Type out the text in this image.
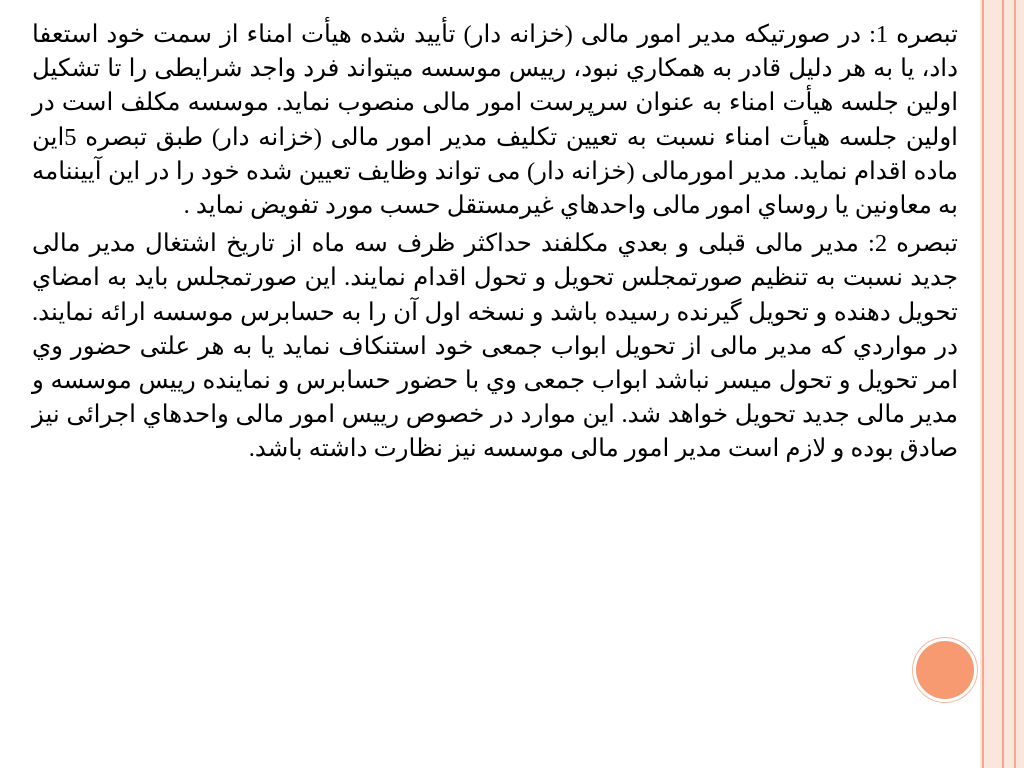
تبصره 1: در صورتيكه مدير امور مالی (خزانه دار) تأييد شده هيأت امناء از سمت خود استعفا داد، يا به هر دليل قادر به همكاري نبود، رييس موسسه ميتواند فرد واجد شرايطی را تا تشكيل اولين جلسه هيأت امناء به عنوان سرپرست امور مالی منصوب نمايد. موسسه مكلف است در اولين جلسه هيأت امناء نسبت به تعيين تكليف مدير امور مالی (خزانه دار) طبق تبصره 5اين ماده اقدام نمايد. مدير امورمالی (خزانه دار) می تواند وظايف تعيين شده خود را در اين آييننامه به معاونين يا روساي امور مالی واحدهاي غيرمستقل حسب مورد تفويض نمايد .

تبصره 2: مدير مالی قبلی و بعدي مكلفند حداكثر ظرف سه ماه از تاريخ اشتغال مدير مالی جديد نسبت به تنظيم صورتمجلس تحويل و تحول اقدام نمايند. اين صورتمجلس بايد به امضاي تحويل دهنده و تحويل گيرنده رسيده باشد و نسخه اول آن را به حسابرس موسسه ارائه نمايند. در مواردي كه مدير مالی از تحويل ابواب جمعی خود استنكاف نمايد يا به هر علتی حضور وي امر تحويل و تحول ميسر نباشد ابواب جمعی وي با حضور حسابرس و نماينده رييس موسسه و مدير مالی جديد تحويل خواهد شد. اين موارد در خصوص رييس امور مالی واحدهاي اجرائی نيز صادق بوده و لازم است مدير امور مالی موسسه نيز نظارت داشته باشد.
